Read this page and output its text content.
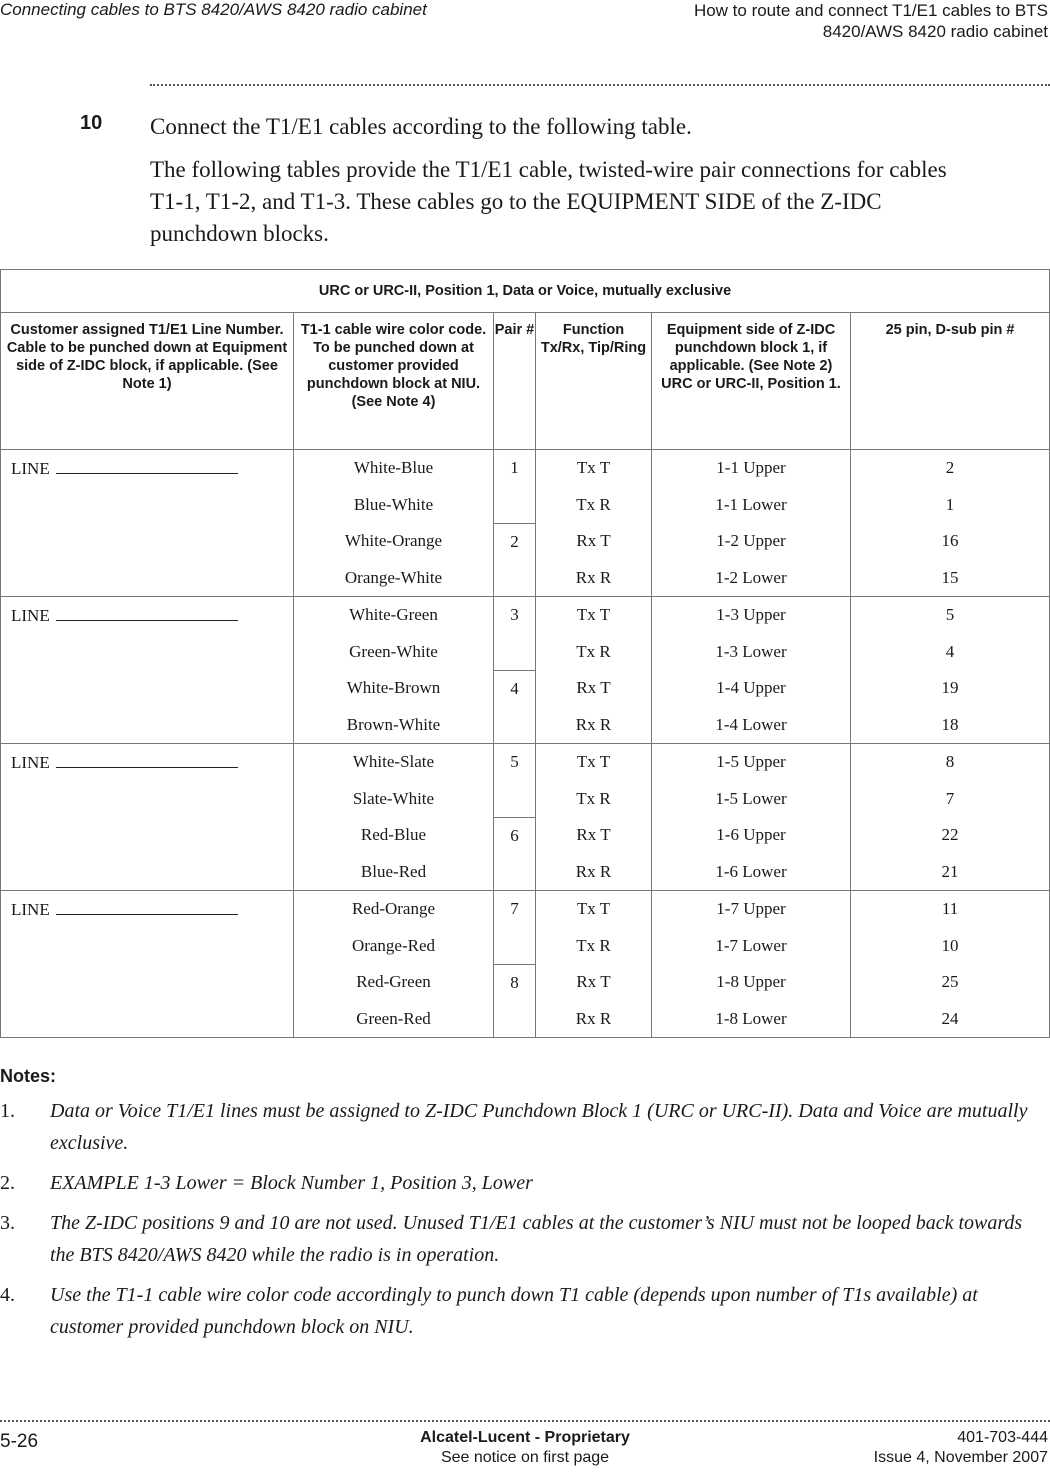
Connecting cables to BTS 8420/AWS 8420 radio cabinet	How to route and connect T1/E1 cables to BTS
8420/AWS 8420 radio cabinet
10 Connect the T1/E1 cables according to the following table.
The following tables provide the T1/E1 cable, twisted-wire pair connections for cables
T1-1, T1-2, and T1-3. These cables go to the EQUIPMENT SIDE of the Z-IDC
punchdown blocks.
URC or URC-II, Position 1, Data or Voice, mutually exclusive					
Customer assigned T1/E1 Line Number. Cable to be punched down at Equipment side of Z-IDC block, if applicable. (See Note 1)	T1-1 cable wire color code. To be punched down at customer provided punchdown block at NIU. (See Note 4)	Pair #	Function Tx/Rx, Tip/Ring	Equipment side of Z-IDC punchdown block 1, if applicable. (See Note 2) URC or URC-II, Position 1.	25 pin, D-sub pin #
LINE	White-Blue	1	Tx T	1-1 Upper	2
	Blue-White		Tx R	1-1 Lower	1
	White-Orange	2	Rx T	1-2 Upper	16
	Orange-White		Rx R	1-2 Lower	15
LINE	White-Green	3	Tx T	1-3 Upper	5
	Green-White		Tx R	1-3 Lower	4
	White-Brown	4	Rx T	1-4 Upper	19
	Brown-White		Rx R	1-4 Lower	18
LINE	White-Slate	5	Tx T	1-5 Upper	8
	Slate-White		Tx R	1-5 Lower	7
	Red-Blue	6	Rx T	1-6 Upper	22
	Blue-Red		Rx R	1-6 Lower	21
LINE	Red-Orange	7	Tx T	1-7 Upper	11
	Orange-Red		Tx R	1-7 Lower	10
	Red-Green	8	Rx T	1-8 Upper	25
	Green-Red		Rx R	1-8 Lower	24
Notes:
1. Data or Voice T1/E1 lines must be assigned to Z-IDC Punchdown Block 1 (URC or URC-II). Data and Voice are mutually exclusive.
2. EXAMPLE 1-3 Lower = Block Number 1, Position 3, Lower
3. The Z-IDC positions 9 and 10 are not used. Unused T1/E1 cables at the customer’s NIU must not be looped back towards the BTS 8420/AWS 8420 while the radio is in operation.
4. Use the T1-1 cable wire color code accordingly to punch down T1 cable (depends upon number of T1s available) at customer provided punchdown block on NIU.
5-26	Alcatel-Lucent - Proprietary
See notice on first page
401-703-444
Issue 4, November 2007
